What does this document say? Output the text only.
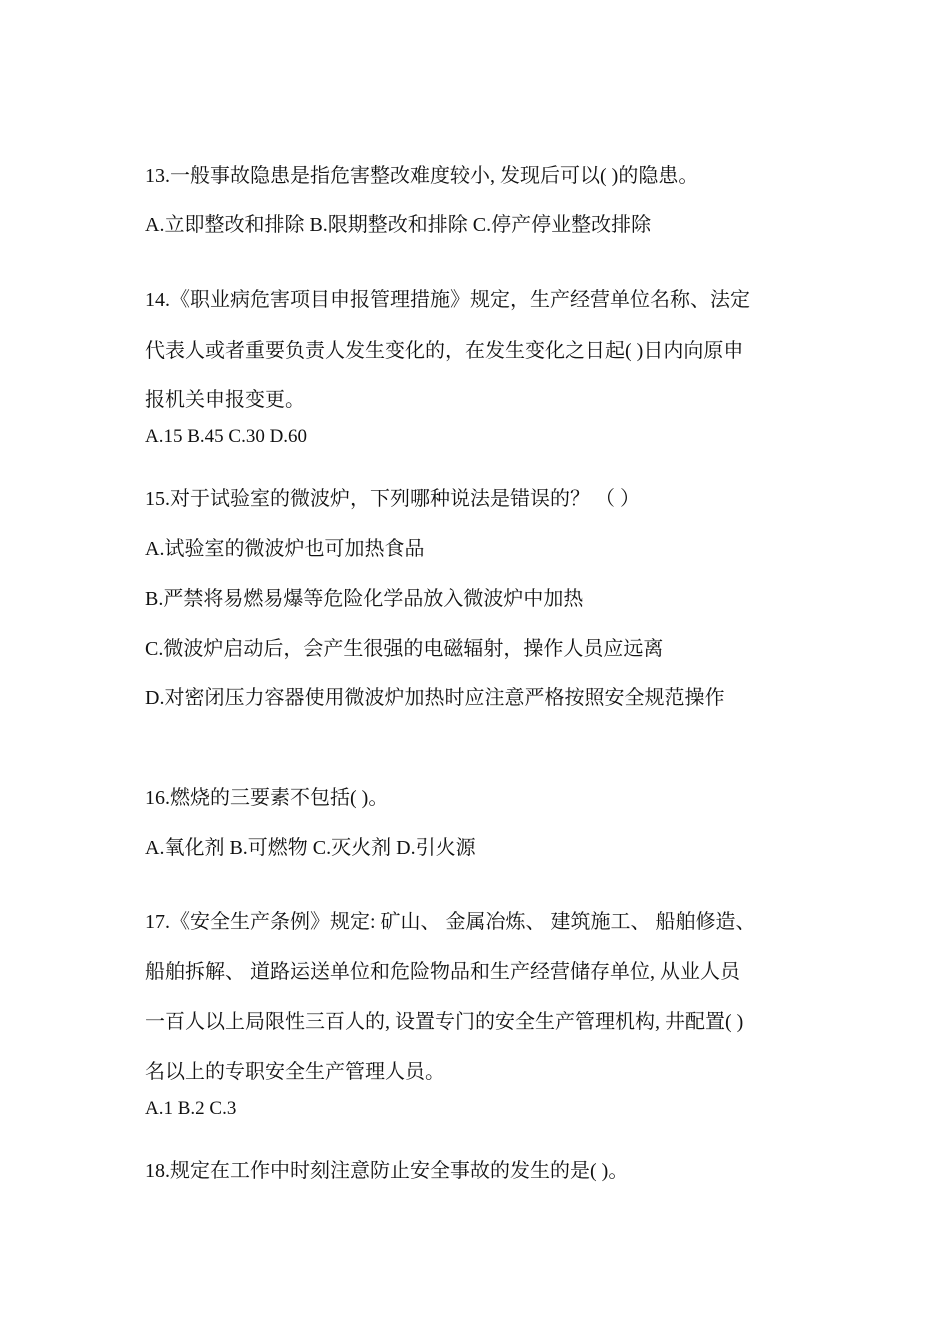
13.一般事故隐患是指危害整改难度较小, 发现后可以( )的隐患。
A.立即整改和排除 B.限期整改和排除 C.停产停业整改排除
14.《职业病危害项目申报管理措施》规定，生产经营单位名称、法定
代表人或者重要负责人发生变化的，在发生变化之日起( )日内向原申
报机关申报变更。
A.15 B.45 C.30 D.60
15.对于试验室的微波炉，下列哪种说法是错误的？ （ ）
A.试验室的微波炉也可加热食品
B.严禁将易燃易爆等危险化学品放入微波炉中加热
C.微波炉启动后，会产生很强的电磁辐射，操作人员应远离
D.对密闭压力容器使用微波炉加热时应注意严格按照安全规范操作
16.燃烧的三要素不包括( )。
A.氧化剂 B.可燃物 C.灭火剂 D.引火源
17.《安全生产条例》规定: 矿山、 金属冶炼、 建筑施工、 船舶修造、
船舶拆解、 道路运送单位和危险物品和生产经营储存单位, 从业人员
一百人以上局限性三百人的, 设置专门的安全生产管理机构, 井配置( )
名以上的专职安全生产管理人员。
A.1 B.2 C.3
18.规定在工作中时刻注意防止安全事故的发生的是( )。
